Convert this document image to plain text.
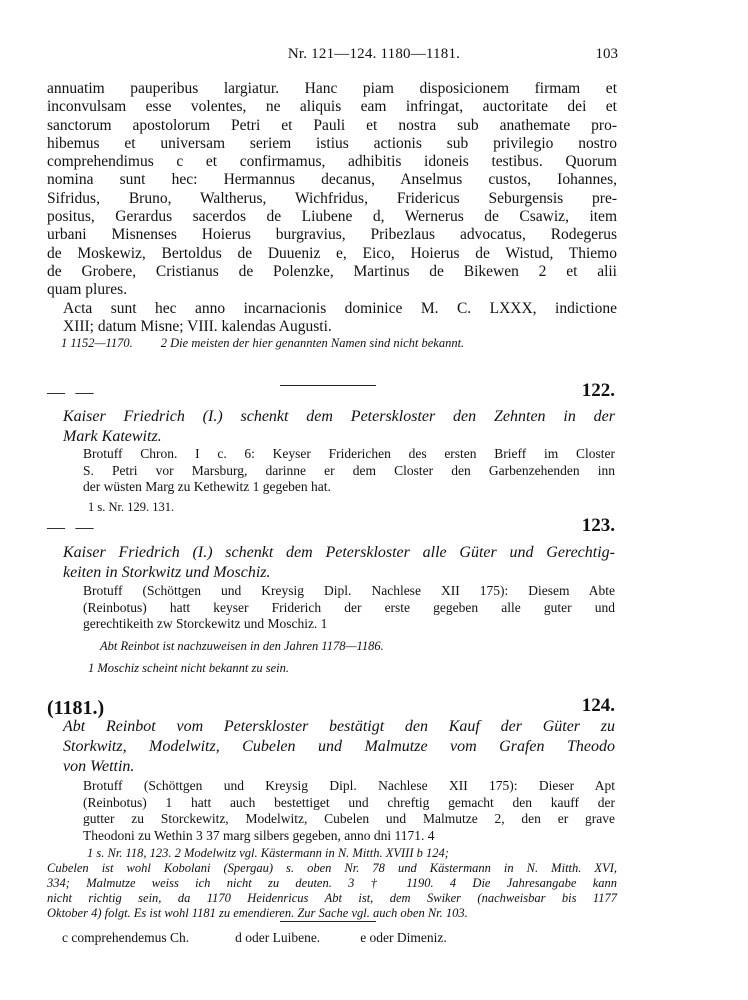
Nr. 121—124. 1180—1181.	103
annuatim pauperibus largiatur. Hanc piam disposicionem firmam et
inconvulsam esse volentes, ne aliquis eam infringat, auctoritate dei et
sanctorum apostolorum Petri et Pauli et nostra sub anathemate pro-
hibemus et universam seriem istius actionis sub privilegio nostro
comprehendimus c et confirmamus, adhibitis idoneis testibus. Quorum
nomina sunt hec: Hermannus decanus, Anselmus custos, Iohannes,
Sifridus, Bruno, Waltherus, Wichfridus, Fridericus Seburgensis pre-
positus, Gerardus sacerdos de Liubene d, Wernerus de Csawiz, item
urbani Misnenses Hoierus burgravius, Pribezlaus advocatus, Rodegerus
de Moskewiz, Bertoldus de Duueniz e, Eico, Hoierus de Wistud, Thiemo
de Grobere, Cristianus de Polenzke, Martinus de Bikewen 2 et alii
quam plures.
Acta sunt hec anno incarnacionis dominice M. C. LXXX, indictione
XIII; datum Misne; VIII. kalendas Augusti.
1 1152—1170. 2 Die meisten der hier genannten Namen sind nicht bekannt.
— —	122.
Kaiser Friedrich (I.) schenkt dem Peterskloster den Zehnten in der
Mark Katewitz.
Brotuff Chron. I c. 6: Keyser Friderichen des ersten Brieff im Closter
S. Petri vor Marsburg, darinne er dem Closter den Garbenzehenden inn
der wüsten Marg zu Kethewitz 1 gegeben hat.
1 s. Nr. 129. 131.
— —	123.
Kaiser Friedrich (I.) schenkt dem Peterskloster alle Güter und Gerechtig-
keiten in Storkwitz und Moschiz.
Brotuff (Schöttgen und Kreysig Dipl. Nachlese XII 175): Diesem Abte
(Reinbotus) hatt keyser Friderich der erste gegeben alle guter und
gerechtikeith zw Storckewitz und Moschiz. 1
Abt Reinbot ist nachzuweisen in den Jahren 1178—1186.
1 Moschiz scheint nicht bekannt zu sein.
(1181.)	124.
Abt Reinbot vom Peterskloster bestätigt den Kauf der Güter zu
Storkwitz, Modelwitz, Cubelen und Malmutze vom Grafen Theodo
von Wettin.
Brotuff (Schöttgen und Kreysig Dipl. Nachlese XII 175): Dieser Apt
(Reinbotus) 1 hatt auch bestettiget und chreftig gemacht den kauff der
gutter zu Storckewitz, Modelwitz, Cubelen und Malmutze 2, den er grave
Theodoni zu Wethin 3 37 marg silbers gegeben, anno dni 1171. 4
1 s. Nr. 118, 123. 2 Modelwitz vgl. Kästermann in N. Mitth. XVIII b 124;
Cubelen ist wohl Kobolani (Spergau) s. oben Nr. 78 und Kästermann in N. Mitth. XVI,
334; Malmutze weiss ich nicht zu deuten. 3 † 1190. 4 Die Jahresangabe kann
nicht richtig sein, da 1170 Heidenricus Abt ist, dem Swiker (nachweisbar bis 1177
Oktober 4) folgt. Es ist wohl 1181 zu emendieren. Zur Sache vgl. auch oben Nr. 103.
c comprehendemus Ch.	d oder Luibene.	e oder Dimeniz.
